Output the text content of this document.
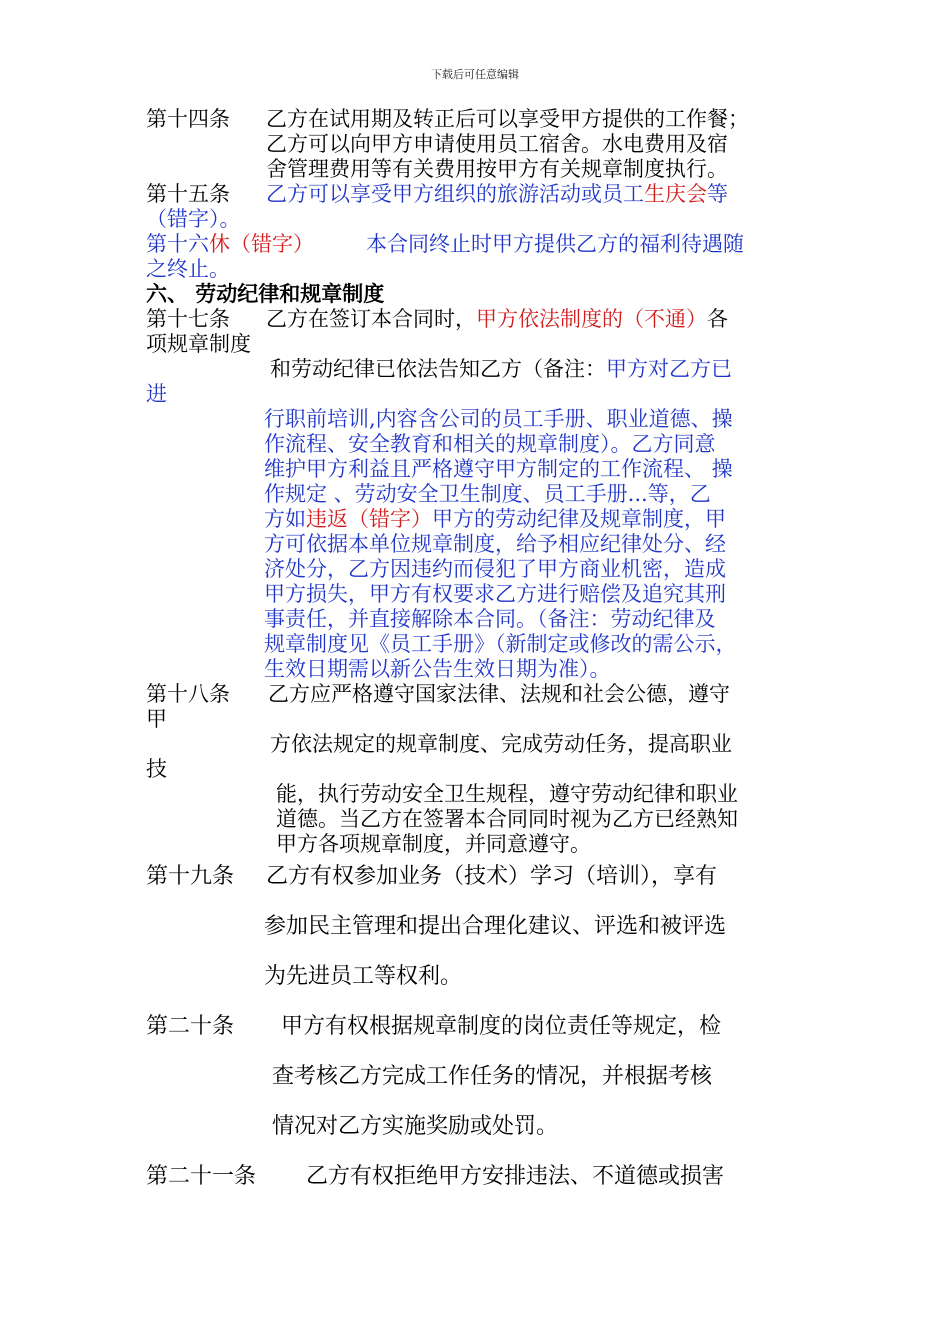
下载后可任意编辑
第十四条 乙方在试用期及转正后可以享受甲方提供的工作餐；
乙方可以向甲方申请使用员工宿舍。水电费用及宿
舍管理费用等有关费用按甲方有关规章制度执行。
第十五条 乙方可以享受甲方组织的旅游活动或员工生庆会等
（错字）。
第十六休（错字） 本合同终止时甲方提供乙方的福利待遇随
之终止。
六、 劳动纪律和规章制度
第十七条 乙方在签订本合同时，甲方依法制度的（不通）各
项规章制度
和劳动纪律已依法告知乙方（备注：甲方对乙方已
进
行职前培训,内容含公司的员工手册、职业道德、操
作流程、安全教育和相关的规章制度）。乙方同意
维护甲方利益且严格遵守甲方制定的工作流程、 操
作规定 、劳动安全卫生制度、员工手册...等，乙
方如违返（错字）甲方的劳动纪律及规章制度，甲
方可依据本单位规章制度，给予相应纪律处分、经
济处分，乙方因违约而侵犯了甲方商业机密，造成
甲方损失，甲方有权要求乙方进行赔偿及追究其刑
事责任，并直接解除本合同。（备注：劳动纪律及
规章制度见《员工手册》（新制定或修改的需公示，
生效日期需以新公告生效日期为准）。
第十八条 乙方应严格遵守国家法律、法规和社会公德，遵守
甲
方依法规定的规章制度、完成劳动任务，提高职业
技
能，执行劳动安全卫生规程，遵守劳动纪律和职业
道德。当乙方在签署本合同同时视为乙方已经熟知
甲方各项规章制度，并同意遵守。
第十九条 乙方有权参加业务（技术）学习（培训），享有
参加民主管理和提出合理化建议、评选和被评选
为先进员工等权利。
第二十条 甲方有权根据规章制度的岗位责任等规定，检
查考核乙方完成工作任务的情况，并根据考核
情况对乙方实施奖励或处罚。
第二十一条 乙方有权拒绝甲方安排违法、不道德或损害
